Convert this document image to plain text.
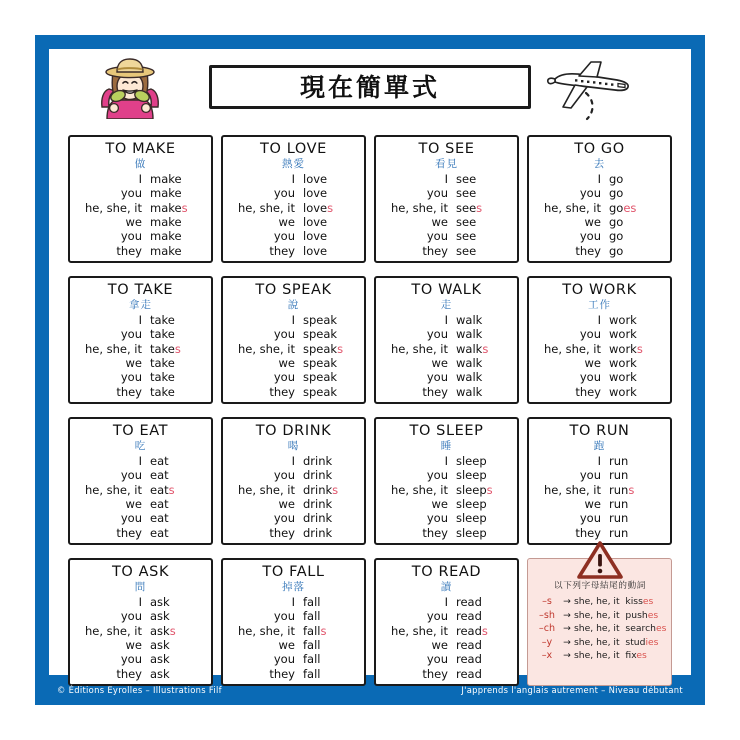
現在簡單式
TO MAKE
做
I make
you make
he, she, it makes
we make
you make
they make
TO LOVE
熱愛
I love
you love
he, she, it loves
we love
you love
they love
TO SEE
看見
I see
you see
he, she, it sees
we see
you see
they see
TO GO
去
I go
you go
he, she, it goes
we go
you go
they go
TO TAKE
拿走
I take
you take
he, she, it takes
we take
you take
they take
TO SPEAK
說
I speak
you speak
he, she, it speaks
we speak
you speak
they speak
TO WALK
走
I walk
you walk
he, she, it walks
we walk
you walk
they walk
TO WORK
工作
I work
you work
he, she, it works
we work
you work
they work
TO EAT
吃
I eat
you eat
he, she, it eats
we eat
you eat
they eat
TO DRINK
喝
I drink
you drink
he, she, it drinks
we drink
you drink
they drink
TO SLEEP
睡
I sleep
you sleep
he, she, it sleeps
we sleep
you sleep
they sleep
TO RUN
跑
I run
you run
he, she, it runs
we run
you run
they run
TO ASK
問
I ask
you ask
he, she, it asks
we ask
you ask
they ask
TO FALL
掉落
I fall
you fall
he, she, it falls
we fall
you fall
they fall
TO READ
讀
I read
you read
he, she, it reads
we read
you read
they read
以下列字母結尾的動詞
–s	→ she, he, it kisses
–sh → she, he, it pushes
–ch → she, he, it searches
–y	→ she, he, it studies
–x	→ she, he, it fixes
© Éditions Eyrolles – Illustrations Filf	J'apprends l'anglais autrement – Niveau débutant
